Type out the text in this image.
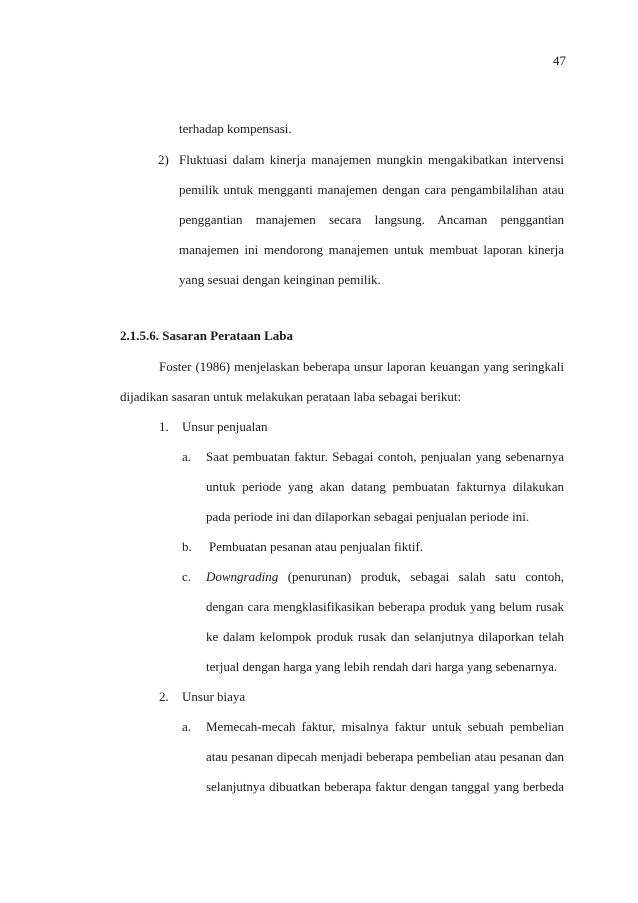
47
terhadap kompensasi.
2) Fluktuasi dalam kinerja manajemen mungkin mengakibatkan intervensi
pemilik untuk mengganti manajemen dengan cara pengambilalihan atau
penggantian manajemen secara langsung. Ancaman penggantian
manajemen ini mendorong manajemen untuk membuat laporan kinerja
yang sesuai dengan keinginan pemilik.
2.1.5.6. Sasaran Perataan Laba
Foster (1986) menjelaskan beberapa unsur laporan keuangan yang seringkali
dijadikan sasaran untuk melakukan perataan laba sebagai berikut:
1. Unsur penjualan
a. Saat pembuatan faktur. Sebagai contoh, penjualan yang sebenarnya
untuk periode yang akan datang pembuatan fakturnya dilakukan
pada periode ini dan dilaporkan sebagai penjualan periode ini.
b. Pembuatan pesanan atau penjualan fiktif.
c. Downgrading (penurunan) produk, sebagai salah satu contoh,
dengan cara mengklasifikasikan beberapa produk yang belum rusak
ke dalam kelompok produk rusak dan selanjutnya dilaporkan telah
terjual dengan harga yang lebih rendah dari harga yang sebenarnya.
2. Unsur biaya
a. Memecah-mecah faktur, misalnya faktur untuk sebuah pembelian
atau pesanan dipecah menjadi beberapa pembelian atau pesanan dan
selanjutnya dibuatkan beberapa faktur dengan tanggal yang berbeda
